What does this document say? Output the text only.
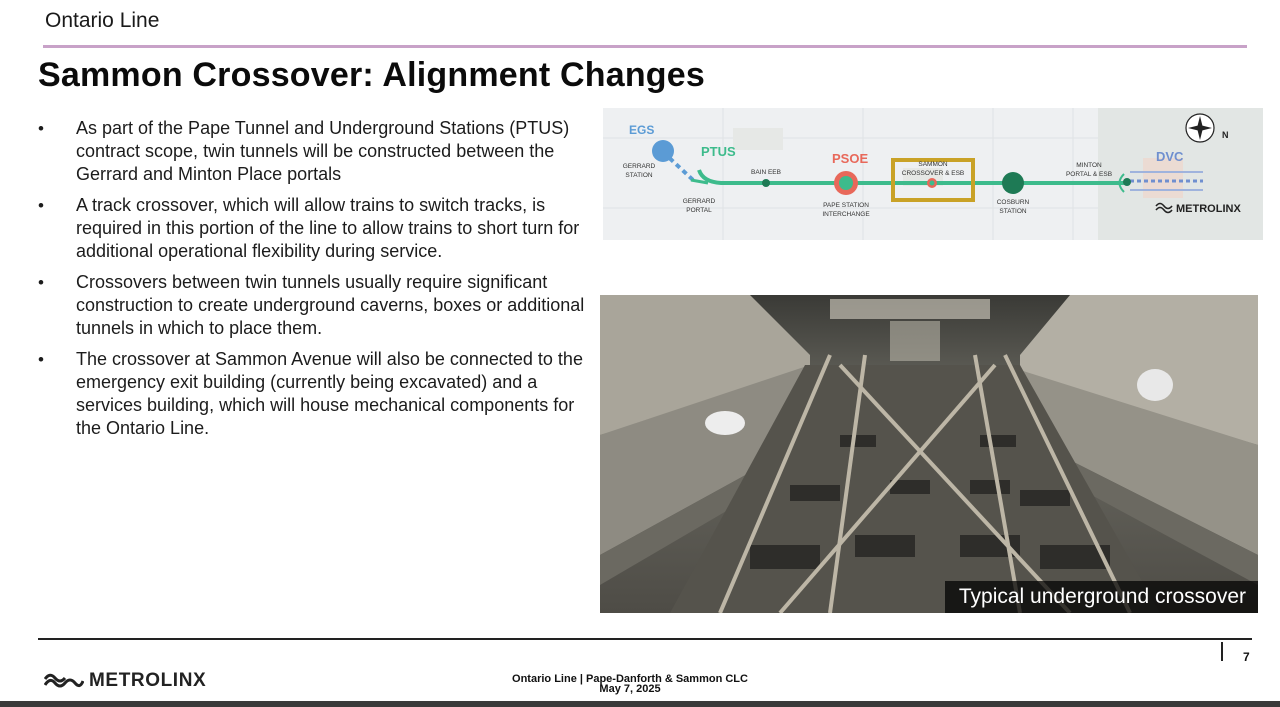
Ontario Line
Sammon Crossover: Alignment Changes
• As part of the Pape Tunnel and Underground Stations (PTUS) contract scope, twin tunnels will be constructed between the Gerrard and Minton Place portals
• A track crossover, which will allow trains to switch tracks, is required in this portion of the line to allow trains to short turn for additional operational flexibility during service.
• Crossovers between twin tunnels usually require significant construction to create underground caverns, boxes or additional tunnels in which to place them.
• The crossover at Sammon Avenue will also be connected to the emergency exit building (currently being excavated) and a services building, which will house mechanical components for the Ontario Line.
EGS
PTUS	PSOE	DVC
GERRARD
STATION
GERRARD
PORTAL
BAIN EEB
PAPE STATION
INTERCHANGE
SAMMON
CROSSOVER & ESB
COSBURN
STATION
MINTON
PORTAL & ESB
N
METROLINX
Typical underground crossover
7
METROLINX	Ontario Line | Pape-Danforth & Sammon CLC
May 7, 2025
